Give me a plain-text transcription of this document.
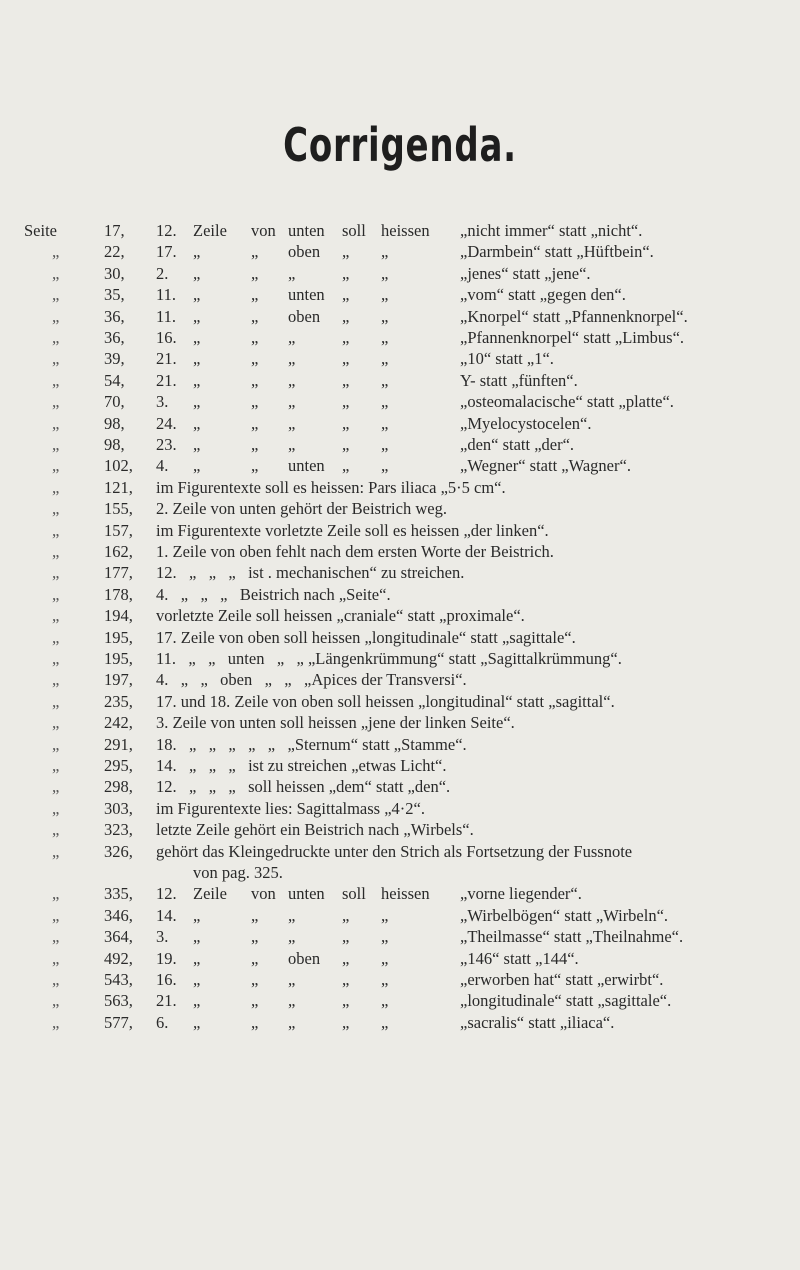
Corrigenda.
Seite	17, 12. Zeile von unten soll heissen „nicht immer“ statt „nicht“.
„	22, 17. „	„ oben „ „	„Darmbein“ statt „Hüftbein“.
„	30, 2. „	„ „	„ „	„jenes“ statt „jene“.
„	35, 11. „	„ unten „ „	„vom“ statt „gegen den“.
„	36, 11. „	„ oben „ „	„Knorpel“ statt „Pfannenknorpel“.
„	36, 16. „	„ „	„ „	„Pfannenknorpel“ statt „Limbus“.
„	39, 21. „	„ „	„ „	„10“ statt „1“.
„	54, 21. „	„ „	„ „	Y- statt „fünften“.
„	70, 3. „	„ „	„ „	„osteomalacische“ statt „platte“.
„	98, 24. „	„ „	„ „	„Myelocystocelen“.
„	98, 23. „	„ „	„ „	„den“ statt „der“.
„	102, 4. „	„ unten „ „	„Wegner“ statt „Wagner“.
„	121, im Figurentexte soll es heissen: Pars iliaca „5·5 cm“.
„	155, 2. Zeile von unten gehört der Beistrich weg.
„	157, im Figurentexte vorletzte Zeile soll es heissen „der linken“.
„	162, 1. Zeile von oben fehlt nach dem ersten Worte der Beistrich.
„	177, 12.   „   „   „   ist . mechanischen“ zu streichen.
„	178, 4.   „   „   „   Beistrich nach „Seite“.
„	194, vorletzte Zeile soll heissen „craniale“ statt „proximale“.
„	195, 17. Zeile von oben soll heissen „longitudinale“ statt „sagittale“.
„	195, 11.   „   „   unten   „   „ „Längenkrümmung“ statt „Sagittalkrümmung“.
„	197, 4.   „   „   oben   „   „   „Apices der Transversi“.
„	235, 17. und 18. Zeile von oben soll heissen „longitudinal“ statt „sagittal“.
„	242, 3. Zeile von unten soll heissen „jene der linken Seite“.
„	291, 18.   „   „   „   „   „   „Sternum“ statt „Stamme“.
„	295, 14.   „   „   „   ist zu streichen „etwas Licht“.
„	298, 12.   „   „   „   soll heissen „dem“ statt „den“.
„	303, im Figurentexte lies: Sagittalmass „4·2“.
„	323, letzte Zeile gehört ein Beistrich nach „Wirbels“.
„	326, gehört das Kleingedruckte unter den Strich als Fortsetzung der Fussnote
von pag. 325.
„	335, 12. Zeile von unten soll heissen „vorne liegender“.
„	346, 14. „	„ „	„ „	„Wirbelbögen“ statt „Wirbeln“.
„	364, 3. „	„ „	„ „	„Theilmasse“ statt „Theilnahme“.
„	492, 19. „	„ oben „ „	„146“ statt „144“.
„	543, 16. „	„ „	„ „	„erworben hat“ statt „erwirbt“.
„	563, 21. „	„ „	„ „	„longitudinale“ statt „sagittale“.
„	577, 6. „	„ „	„ „	„sacralis“ statt „iliaca“.
